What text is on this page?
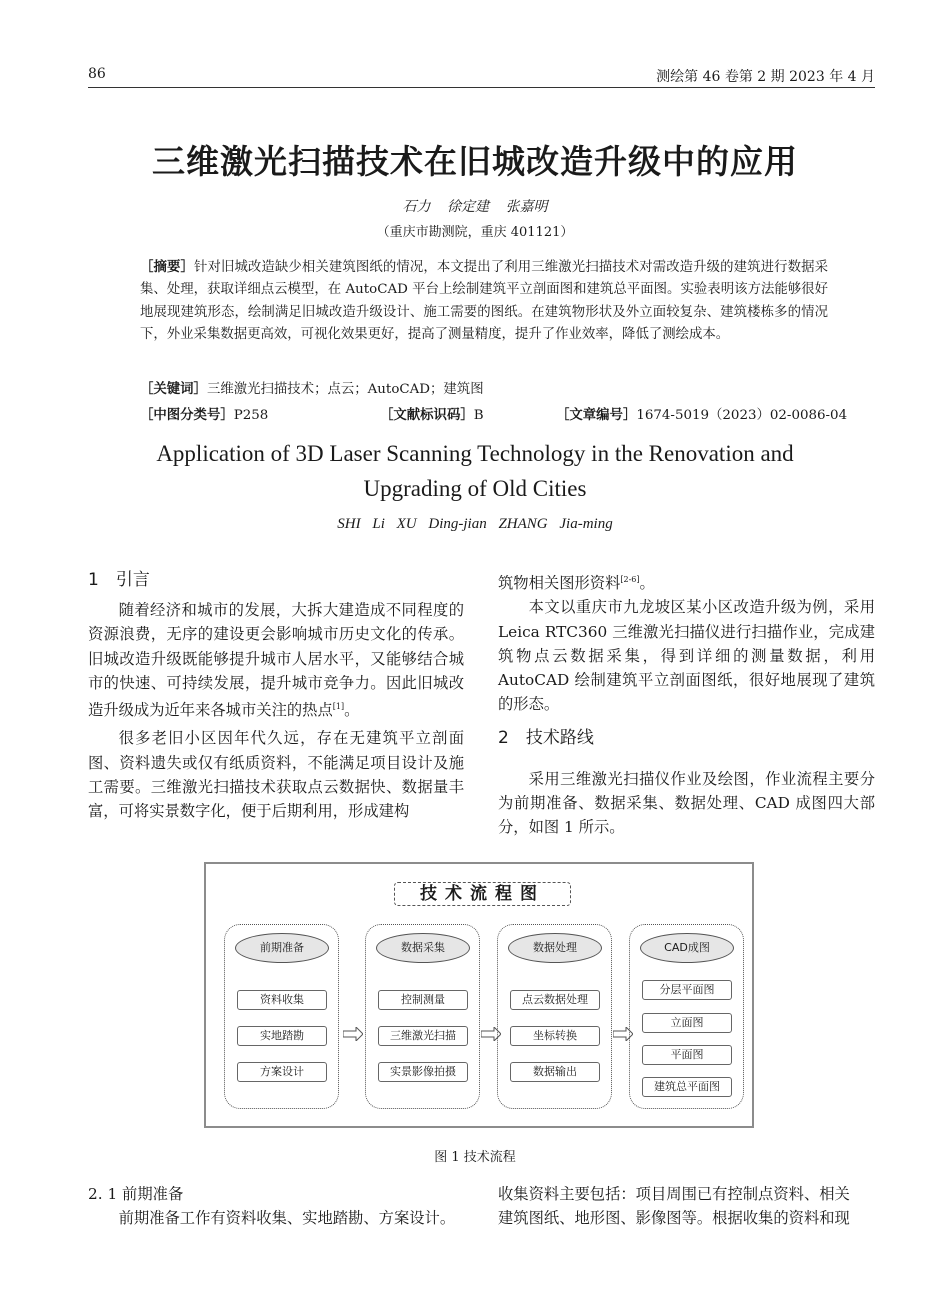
86	测绘第 46 卷第 2 期 2023 年 4 月
三维激光扫描技术在旧城改造升级中的应用
石力 徐定建 张嘉明
（重庆市勘测院，重庆 401121）
［摘要］针对旧城改造缺少相关建筑图纸的情况，本文提出了利用三维激光扫描技术对需改造升级的建筑进行数据采集、处理，获取详细点云模型，在 AutoCAD 平台上绘制建筑平立剖面图和建筑总平面图。实验表明该方法能够很好地展现建筑形态，绘制满足旧城改造升级设计、施工需要的图纸。在建筑物形状及外立面较复杂、建筑楼栋多的情况下，外业采集数据更高效，可视化效果更好，提高了测量精度，提升了作业效率，降低了测绘成本。
［关键词］三维激光扫描技术；点云；AutoCAD；建筑图
［中图分类号］P258	［文献标识码］B	［文章编号］1674-5019（2023）02-0086-04
Application of 3D Laser Scanning Technology in the Renovation and
Upgrading of Old Cities
SHI Li XU Ding-jian ZHANG Jia-ming
1　引言

随着经济和城市的发展，大拆大建造成不同程度的资源浪费，无序的建设更会影响城市历史文化的传承。旧城改造升级既能够提升城市人居水平，又能够结合城市的快速、可持续发展，提升城市竞争力。因此旧城改造升级成为近年来各城市关注的热点[1]。

很多老旧小区因年代久远，存在无建筑平立剖面图、资料遗失或仅有纸质资料，不能满足项目设计及施工需要。三维激光扫描技术获取点云数据快、数据量丰富，可将实景数字化，便于后期利用，形成建构

筑物相关图形资料[2-6]。

本文以重庆市九龙坡区某小区改造升级为例，采用 Leica RTC360 三维激光扫描仪进行扫描作业，完成建筑物点云数据采集，得到详细的测量数据，利用 AutoCAD 绘制建筑平立剖面图纸，很好地展现了建筑的形态。

2　技术路线

采用三维激光扫描仪作业及绘图，作业流程主要分为前期准备、数据采集、数据处理、CAD 成图四大部分，如图 1 所示。

技术流程图
前期准备
资料收集
实地踏勘
方案设计
数据采集
控制测量
三维激光扫描
实景影像拍摄
数据处理
点云数据处理
坐标转换
数据输出
CAD成图
分层平面图
立面图
平面图
建筑总平面图
图 1 技术流程
2. 1 前期准备
前期准备工作有资料收集、实地踏勘、方案设计。
收集资料主要包括：项目周围已有控制点资料、相关
建筑图纸、地形图、影像图等。根据收集的资料和现
